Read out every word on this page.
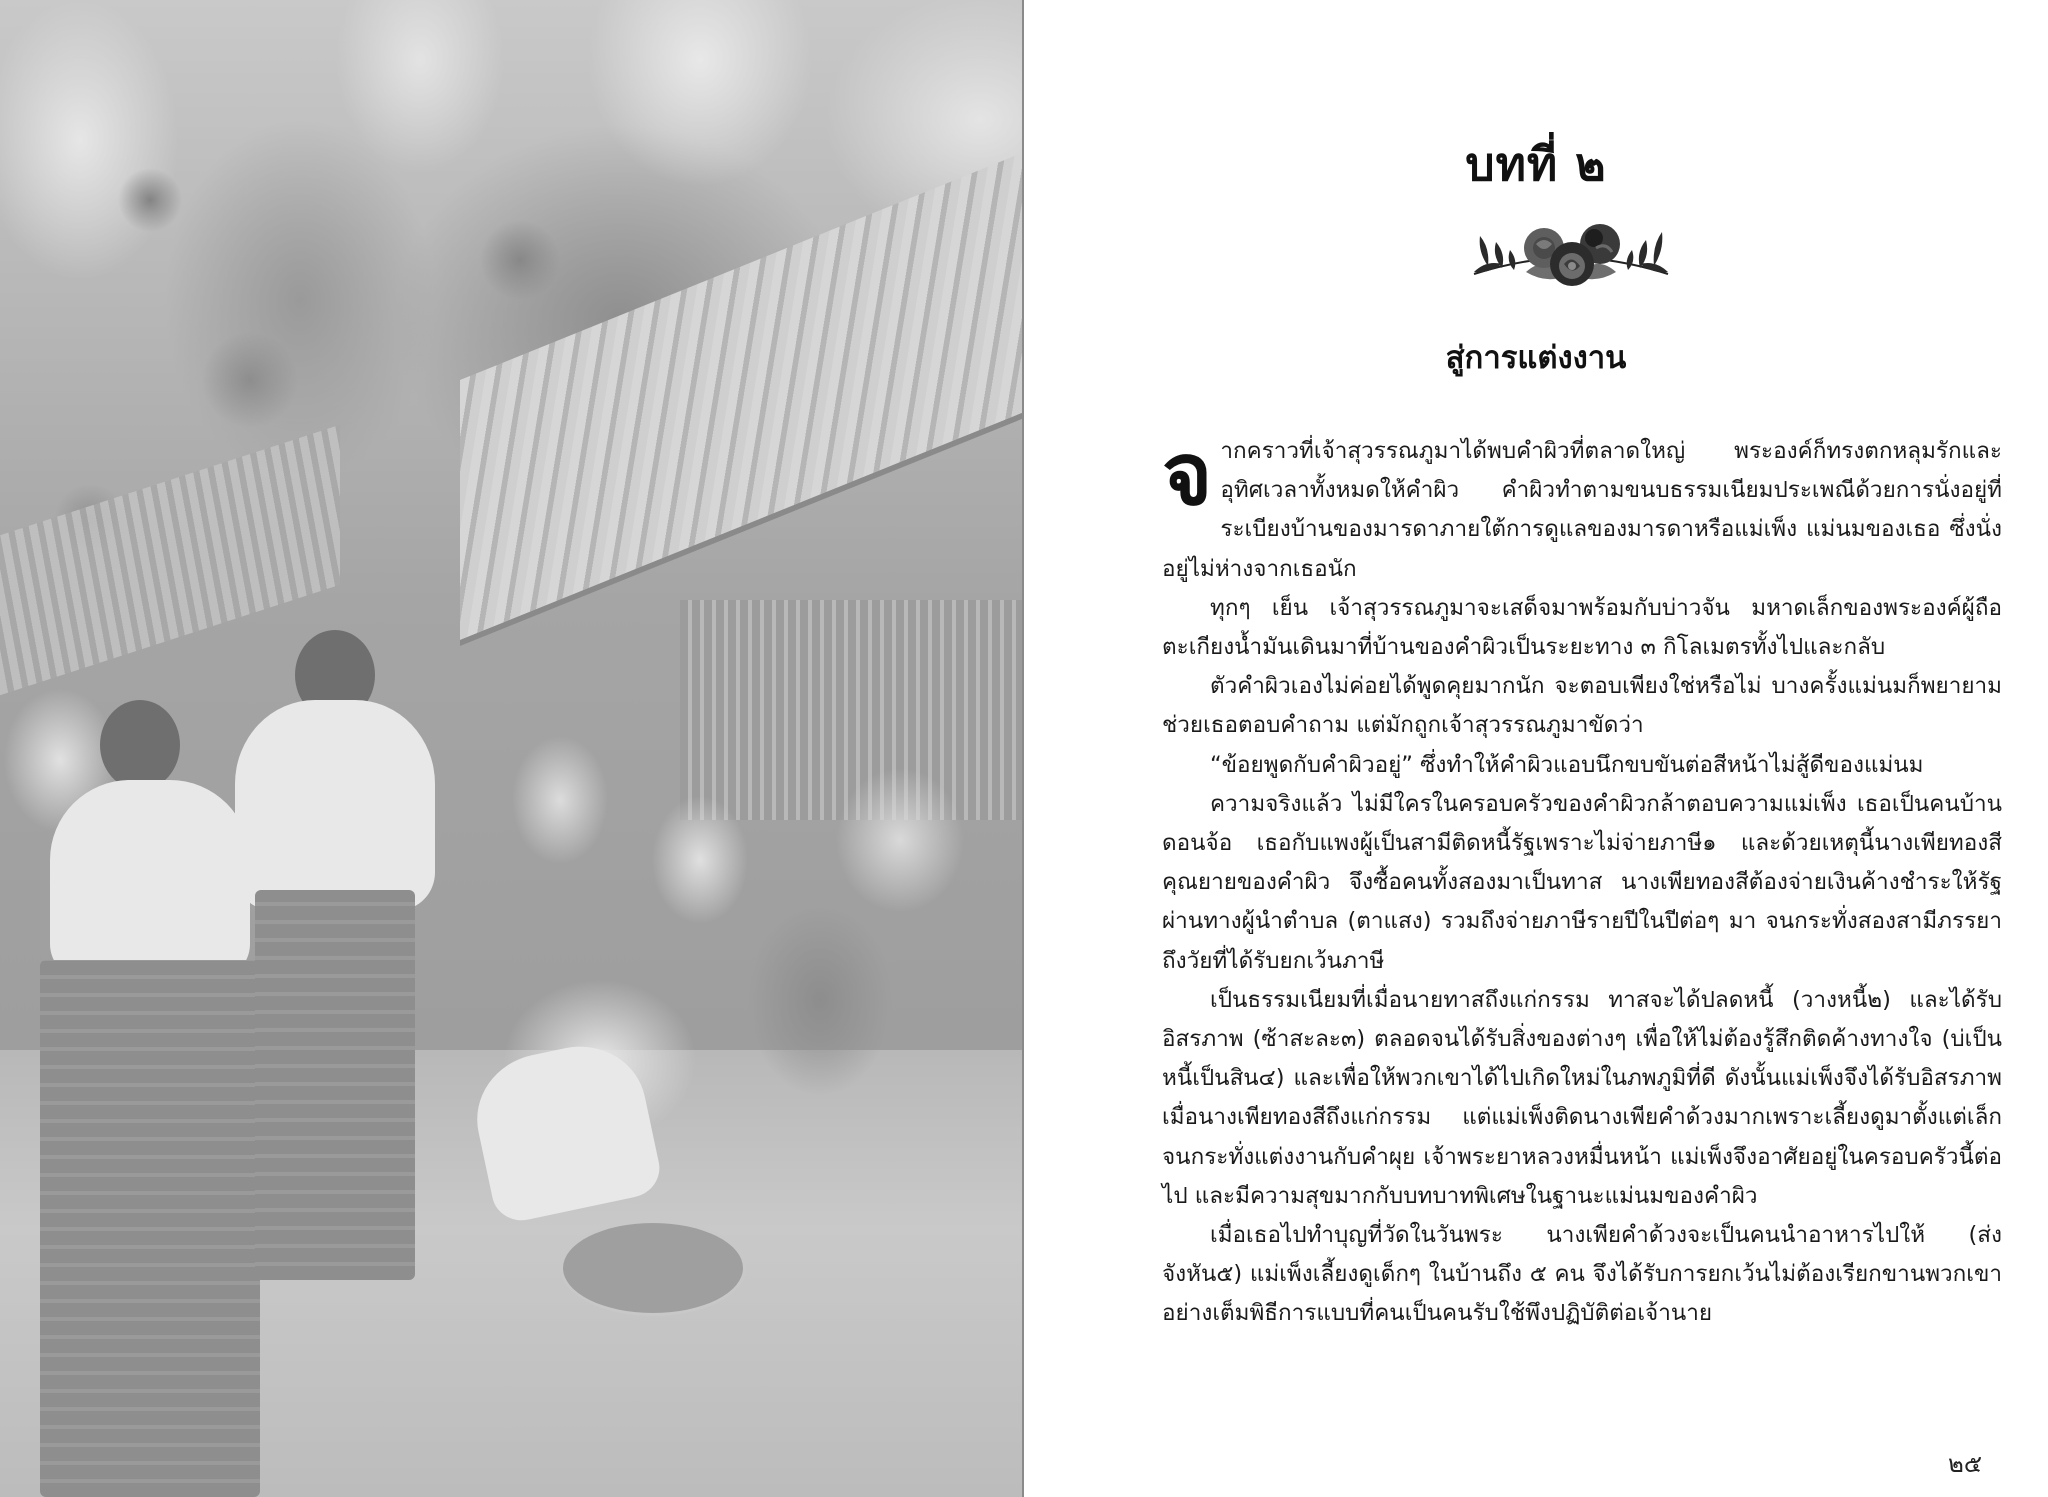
บทที่ ๒
สู่การแต่งงาน

จากคราวที่เจ้าสุวรรณภูมาได้พบคำผิวที่ตลาดใหญ่ พระองค์ก็ทรงตกหลุมรักและอุทิศเวลาทั้งหมดให้คำผิว คำผิวทำตามขนบธรรมเนียมประเพณีด้วยการนั่งอยู่ที่ระเบียงบ้านของมารดาภายใต้การดูแลของมารดาหรือแม่เพ็ง แม่นมของเธอ ซึ่งนั่งอยู่ไม่ห่างจากเธอนัก

ทุกๆ เย็น เจ้าสุวรรณภูมาจะเสด็จมาพร้อมกับบ่าวจัน มหาดเล็กของพระองค์ผู้ถือตะเกียงน้ำมันเดินมาที่บ้านของคำผิวเป็นระยะทาง ๓ กิโลเมตรทั้งไปและกลับ

ตัวคำผิวเองไม่ค่อยได้พูดคุยมากนัก จะตอบเพียงใช่หรือไม่ บางครั้งแม่นมก็พยายามช่วยเธอตอบคำถาม แต่มักถูกเจ้าสุวรรณภูมาขัดว่า

“ข้อยพูดกับคำผิวอยู่” ซึ่งทำให้คำผิวแอบนึกขบขันต่อสีหน้าไม่สู้ดีของแม่นม

ความจริงแล้ว ไม่มีใครในครอบครัวของคำผิวกล้าตอบความแม่เพ็ง เธอเป็นคนบ้านดอนจ้อ เธอกับแพงผู้เป็นสามีติดหนี้รัฐเพราะไม่จ่ายภาษี๑ และด้วยเหตุนี้นางเพียทองสี คุณยายของคำผิว จึงซื้อคนทั้งสองมาเป็นทาส นางเพียทองสีต้องจ่ายเงินค้างชำระให้รัฐผ่านทางผู้นำตำบล (ตาแสง) รวมถึงจ่ายภาษีรายปีในปีต่อๆ มา จนกระทั่งสองสามีภรรยาถึงวัยที่ได้รับยกเว้นภาษี

เป็นธรรมเนียมที่เมื่อนายทาสถึงแก่กรรม ทาสจะได้ปลดหนี้ (วางหนี้๒) และได้รับอิสรภาพ (ซ้าสะละ๓) ตลอดจนได้รับสิ่งของต่างๆ เพื่อให้ไม่ต้องรู้สึกติดค้างทางใจ (บ่เป็นหนี้เป็นสิน๔) และเพื่อให้พวกเขาได้ไปเกิดใหม่ในภพภูมิที่ดี ดังนั้นแม่เพ็งจึงได้รับอิสรภาพเมื่อนางเพียทองสีถึงแก่กรรม แต่แม่เพ็งติดนางเพียคำด้วงมากเพราะเลี้ยงดูมาตั้งแต่เล็กจนกระทั่งแต่งงานกับคำผุย เจ้าพระยาหลวงหมื่นหน้า แม่เพ็งจึงอาศัยอยู่ในครอบครัวนี้ต่อไป และมีความสุขมากกับบทบาทพิเศษในฐานะแม่นมของคำผิว

เมื่อเธอไปทำบุญที่วัดในวันพระ นางเพียคำด้วงจะเป็นคนนำอาหารไปให้ (ส่งจังหัน๕) แม่เพ็งเลี้ยงดูเด็กๆ ในบ้านถึง ๕ คน จึงได้รับการยกเว้นไม่ต้องเรียกขานพวกเขาอย่างเต็มพิธีการแบบที่คนเป็นคนรับใช้พึงปฏิบัติต่อเจ้านาย

๒๕
